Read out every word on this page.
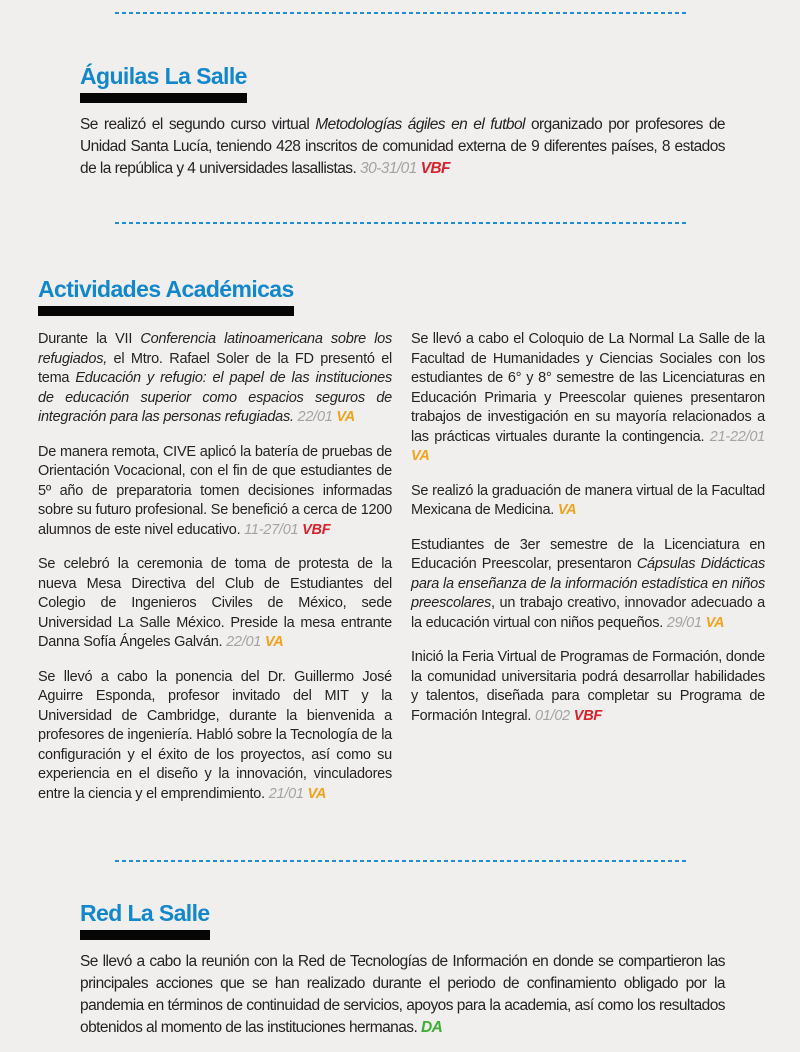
Águilas La Salle

Se realizó el segundo curso virtual Metodologías ágiles en el futbol organizado por profesores de Unidad Santa Lucía, teniendo 428 inscritos de comunidad externa de 9 diferentes países, 8 estados de la república y 4 universidades lasallistas. 30-31/01 VBF

Actividades Académicas

Durante la VII Conferencia latinoamericana sobre los refugiados, el Mtro. Rafael Soler de la FD presentó el tema Educación y refugio: el papel de las instituciones de educación superior como espacios seguros de integración para las personas refugiadas. 22/01 VA

De manera remota, CIVE aplicó la batería de pruebas de Orientación Vocacional, con el fin de que estudiantes de 5º año de preparatoria tomen decisiones informadas sobre su futuro profesional. Se benefició a cerca de 1200 alumnos de este nivel educativo. 11-27/01 VBF

Se celebró la ceremonia de toma de protesta de la nueva Mesa Directiva del Club de Estudiantes del Colegio de Ingenieros Civiles de México, sede Universidad La Salle México. Preside la mesa entrante Danna Sofía Ángeles Galván. 22/01 VA

Se llevó a cabo la ponencia del Dr. Guillermo José Aguirre Esponda, profesor invitado del MIT y la Universidad de Cambridge, durante la bienvenida a profesores de ingeniería. Habló sobre la Tecnología de la configuración y el éxito de los proyectos, así como su experiencia en el diseño y la innovación, vinculadores entre la ciencia y el emprendimiento. 21/01 VA

Se llevó a cabo el Coloquio de La Normal La Salle de la Facultad de Humanidades y Ciencias Sociales con los estudiantes de 6° y 8° semestre de las Licenciaturas en Educación Primaria y Preescolar quienes presentaron trabajos de investigación en su mayoría relacionados a las prácticas virtuales durante la contingencia. 21-22/01 VA

Se realizó la graduación de manera virtual de la Facultad Mexicana de Medicina. VA

Estudiantes de 3er semestre de la Licenciatura en Educación Preescolar, presentaron Cápsulas Didácticas para la enseñanza de la información estadística en niños preescolares, un trabajo creativo, innovador adecuado a la educación virtual con niños pequeños. 29/01 VA

Inició la Feria Virtual de Programas de Formación, donde la comunidad universitaria podrá desarrollar habilidades y talentos, diseñada para completar su Programa de Formación Integral. 01/02 VBF

Red La Salle

Se llevó a cabo la reunión con la Red de Tecnologías de Información en donde se compartieron las principales acciones que se han realizado durante el periodo de confinamiento obligado por la pandemia en términos de continuidad de servicios, apoyos para la academia, así como los resultados obtenidos al momento de las instituciones hermanas. DA
